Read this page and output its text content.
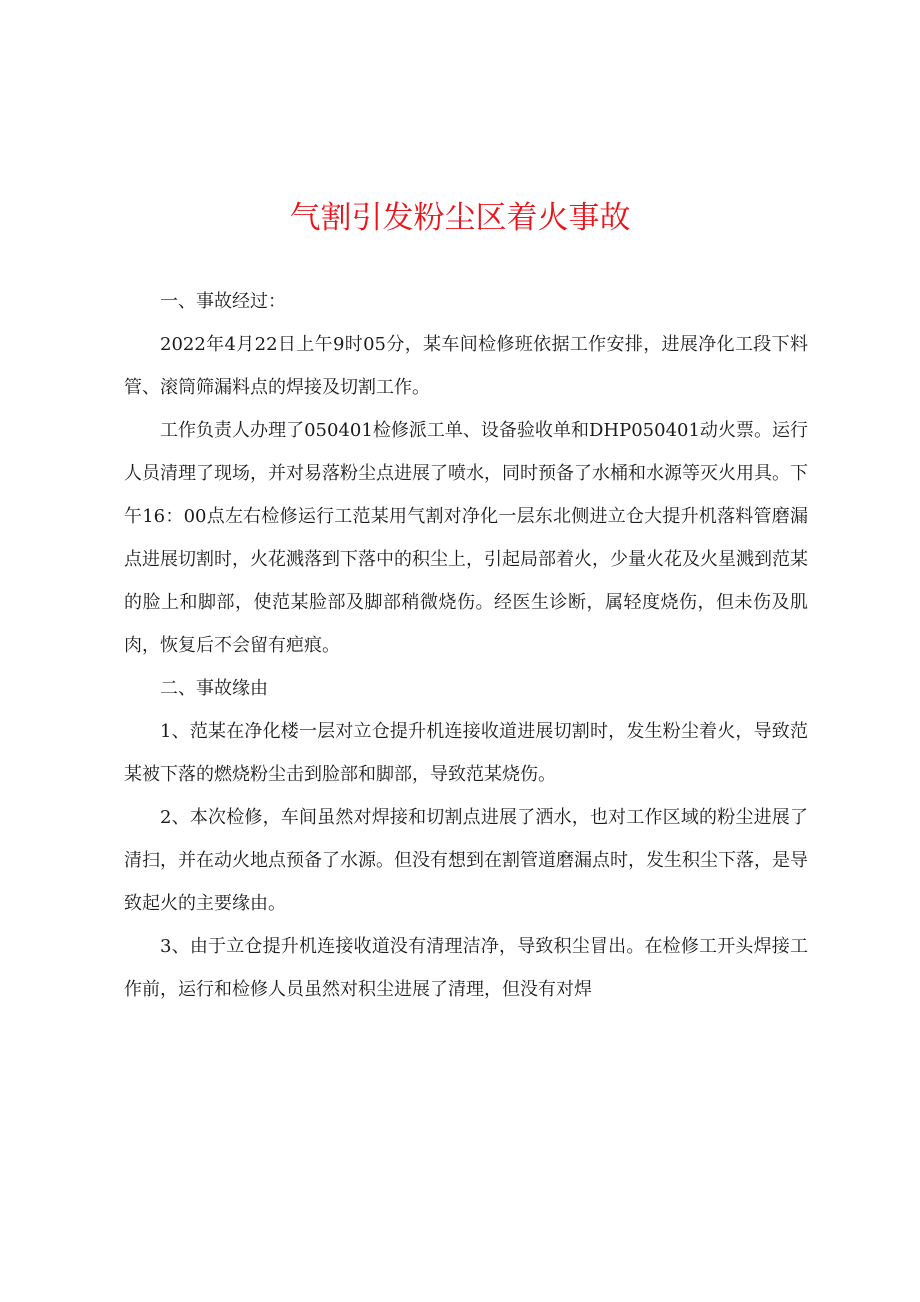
气割引发粉尘区着火事故

一、事故经过：

2022年4月22日上午9时05分，某车间检修班依据工作安排，进展净化工段下料管、滚筒筛漏料点的焊接及切割工作。

工作负责人办理了050401检修派工单、设备验收单和DHP050401动火票。运行人员清理了现场，并对易落粉尘点进展了喷水，同时预备了水桶和水源等灭火用具。下午16：00点左右检修运行工范某用气割对净化一层东北侧进立仓大提升机落料管磨漏点进展切割时，火花溅落到下落中的积尘上，引起局部着火，少量火花及火星溅到范某的脸上和脚部，使范某脸部及脚部稍微烧伤。经医生诊断，属轻度烧伤，但未伤及肌肉，恢复后不会留有疤痕。

二、事故缘由

1、范某在净化楼一层对立仓提升机连接收道进展切割时，发生粉尘着火，导致范某被下落的燃烧粉尘击到脸部和脚部，导致范某烧伤。

2、本次检修，车间虽然对焊接和切割点进展了洒水，也对工作区域的粉尘进展了清扫，并在动火地点预备了水源。但没有想到在割管道磨漏点时，发生积尘下落，是导致起火的主要缘由。

3、由于立仓提升机连接收道没有清理洁净，导致积尘冒出。在检修工开头焊接工作前，运行和检修人员虽然对积尘进展了清理，但没有对焊
